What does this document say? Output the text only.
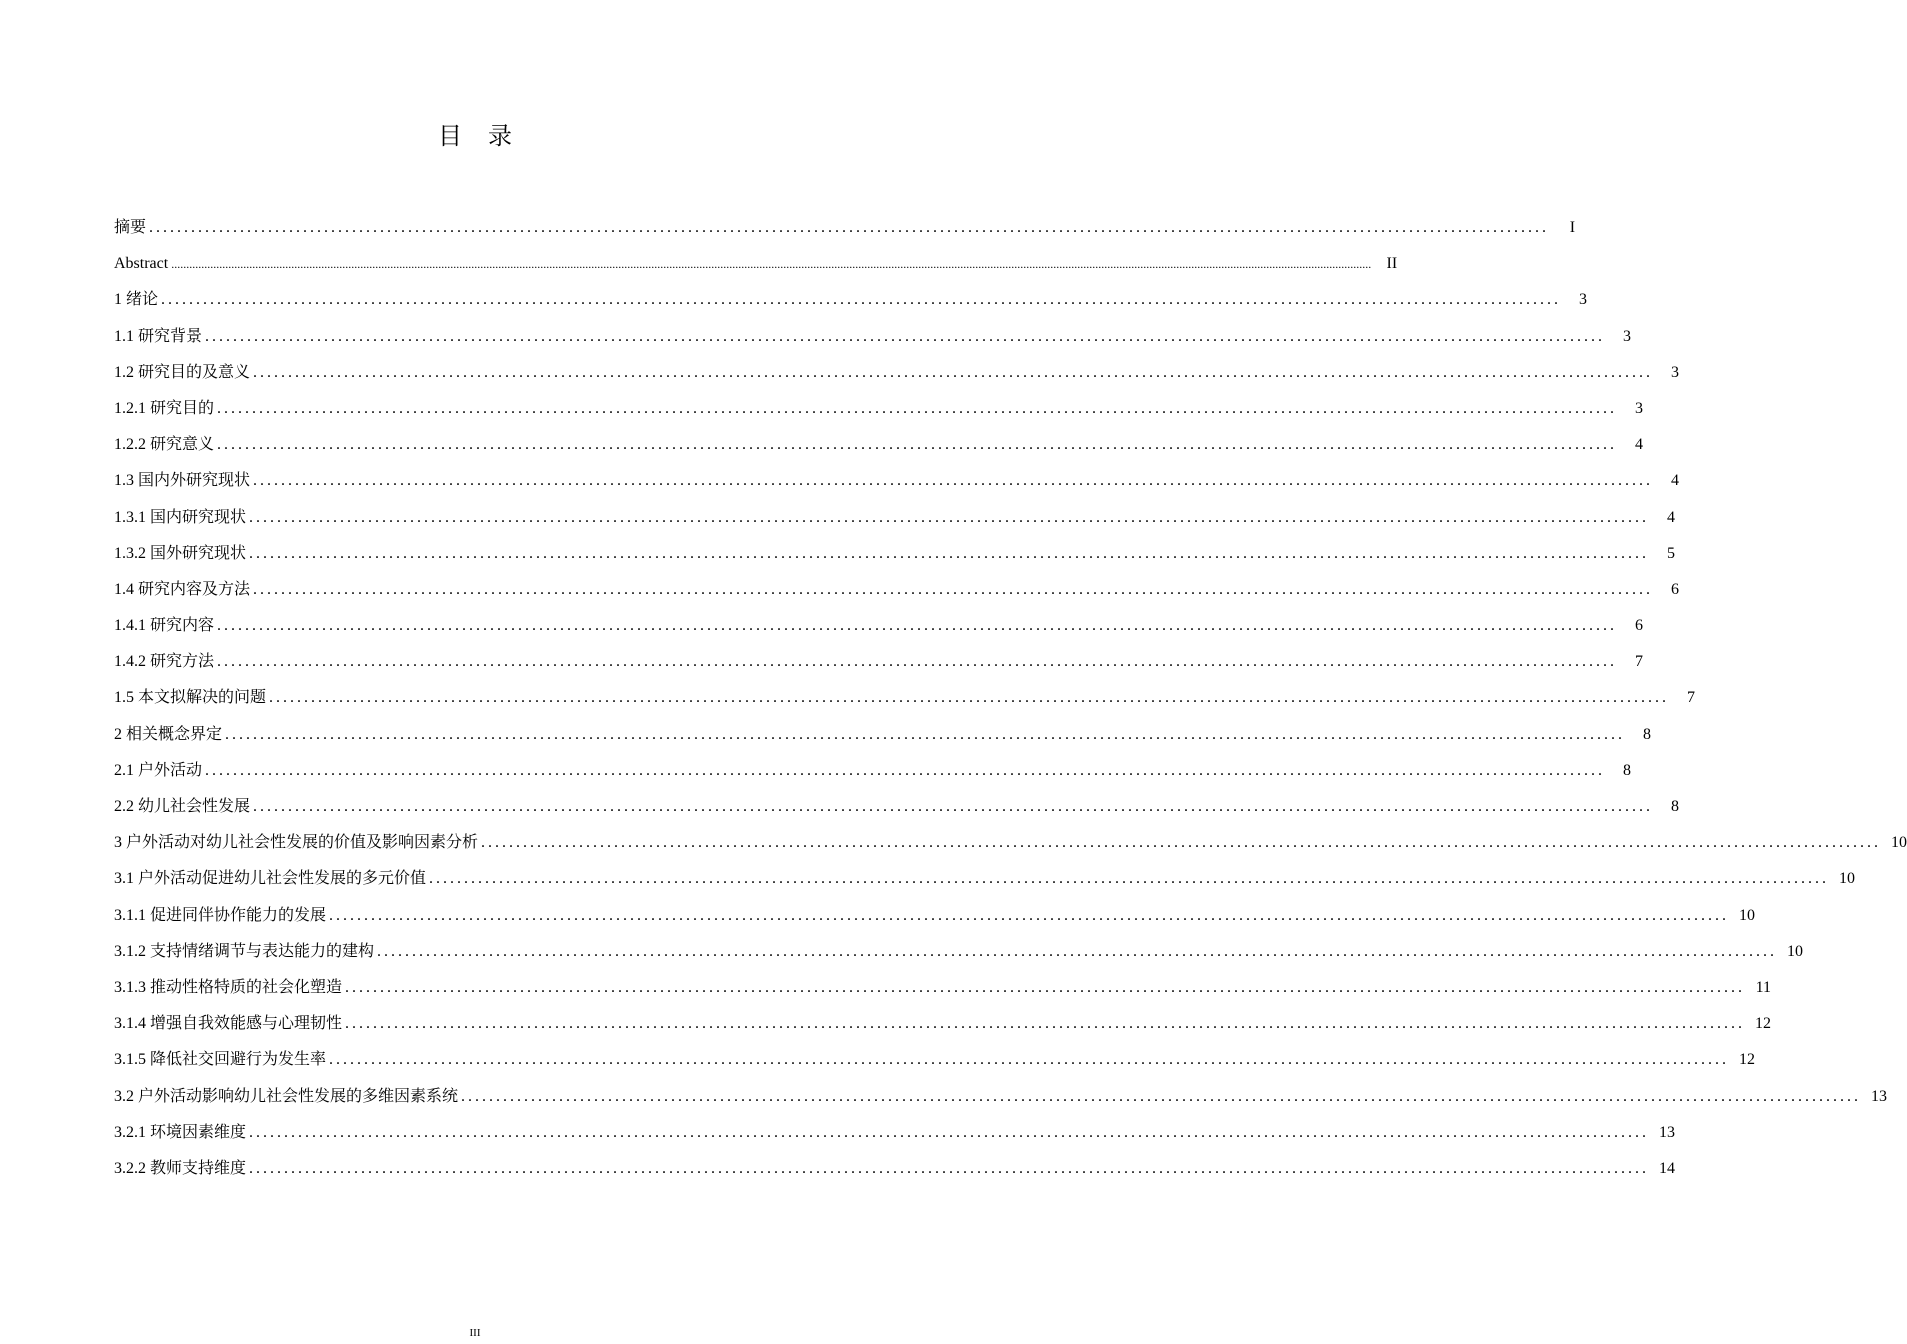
目录
摘要 ........................................................................................................................................................................................................	I
Abstract ................................................................................................................................................................................................................................................................................................................................................................................................................ II
1 绪论 ........................................................................................................................................................................................................	3
1.1 研究背景 ........................................................................................................................................................................................................	3
1.2 研究目的及意义 ........................................................................................................................................................................................................	3
1.2.1 研究目的 ........................................................................................................................................................................................................	3
1.2.2 研究意义 ........................................................................................................................................................................................................	4
1.3 国内外研究现状 ........................................................................................................................................................................................................	4
1.3.1 国内研究现状 ........................................................................................................................................................................................................	4
1.3.2 国外研究现状 ........................................................................................................................................................................................................	5
1.4 研究内容及方法 ........................................................................................................................................................................................................	6
1.4.1 研究内容 ........................................................................................................................................................................................................	6
1.4.2 研究方法 ........................................................................................................................................................................................................	7
1.5 本文拟解决的问题 ........................................................................................................................................................................................................	7
2 相关概念界定 ........................................................................................................................................................................................................	8
2.1 户外活动 ........................................................................................................................................................................................................	8
2.2 幼儿社会性发展 ........................................................................................................................................................................................................	8
3 户外活动对幼儿社会性发展的价值及影响因素分析 ........................................................................................................................................................................................................ 10
3.1 户外活动促进幼儿社会性发展的多元价值 ........................................................................................................................................................................................................ 10
3.1.1 促进同伴协作能力的发展 ........................................................................................................................................................................................................ 10
3.1.2 支持情绪调节与表达能力的建构 ........................................................................................................................................................................................................ 10
3.1.3 推动性格特质的社会化塑造 ........................................................................................................................................................................................................ 11
3.1.4 增强自我效能感与心理韧性 ........................................................................................................................................................................................................ 12
3.1.5 降低社交回避行为发生率 ........................................................................................................................................................................................................ 12
3.2 户外活动影响幼儿社会性发展的多维因素系统 ........................................................................................................................................................................................................ 13
3.2.1 环境因素维度 ........................................................................................................................................................................................................ 13
3.2.2 教师支持维度 ........................................................................................................................................................................................................ 14
III
